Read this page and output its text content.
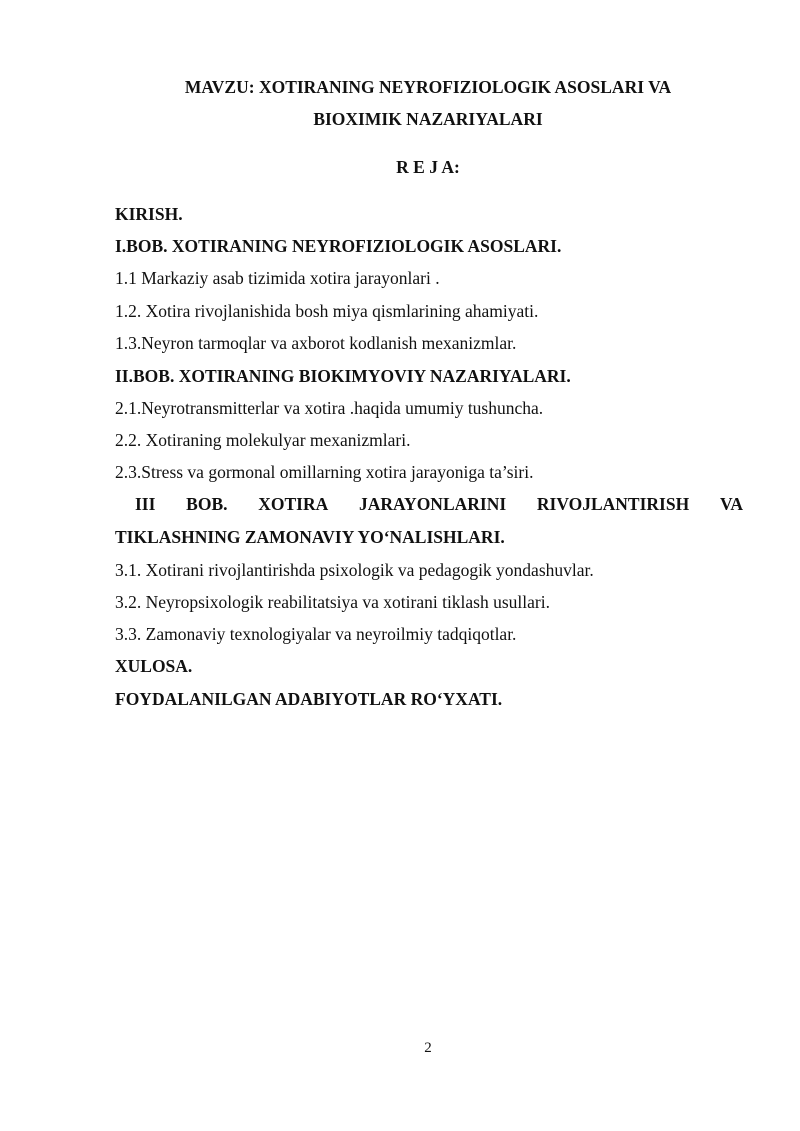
MAVZU: XOTIRANING NEYROFIZIOLOGIK ASOSLARI VA
BIOXIMIK NAZARIYALARI
R E J A:
KIRISH.
I.BOB. XOTIRANING NEYROFIZIOLOGIK ASOSLARI.
1.1 Markaziy asab tizimida xotira jarayonlari .
1.2. Xotira rivojlanishida bosh miya qismlarining ahamiyati.
1.3.Neyron tarmoqlar va axborot kodlanish mexanizmlar.
II.BOB. XOTIRANING BIOKIMYOVIY NAZARIYALARI.
2.1.Neyrotransmitterlar va xotira .haqida umumiy tushuncha.
2.2. Xotiraning molekulyar mexanizmlari.
2.3.Stress va gormonal omillarning xotira jarayoniga ta’siri.
III BOB. XOTIRA JARAYONLARINI RIVOJLANTIRISH VA
TIKLASHNING ZAMONAVIY YO‘NALISHLARI.
3.1. Xotirani rivojlantirishda psixologik va pedagogik yondashuvlar.
3.2. Neyropsixologik reabilitatsiya va xotirani tiklash usullari.
3.3. Zamonaviy texnologiyalar va neyroilmiy tadqiqotlar.
XULOSA.
FOYDALANILGAN ADABIYOTLAR RO‘YXATI.
2
